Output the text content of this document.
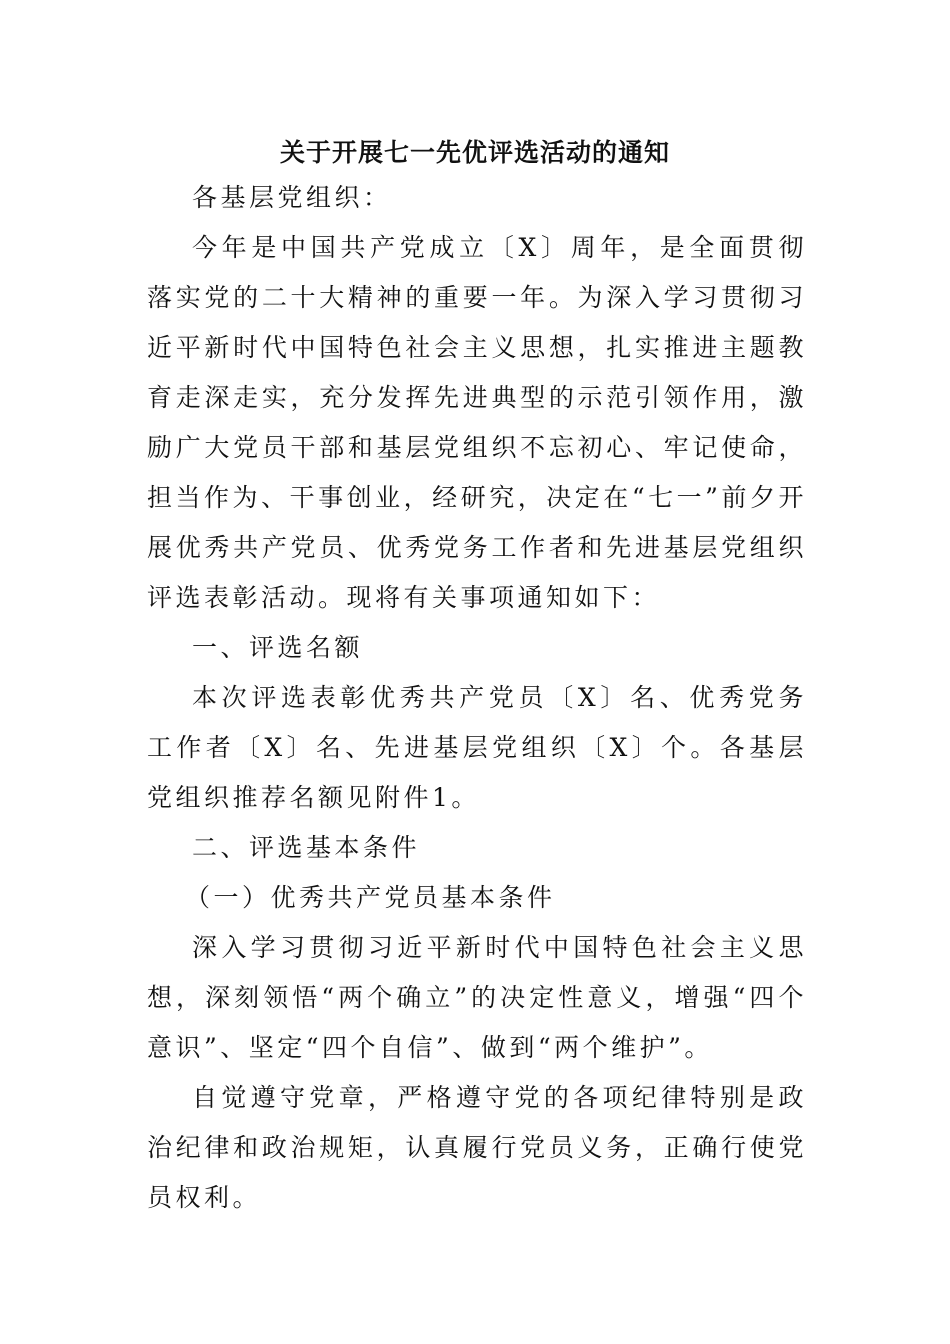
关于开展七一先优评选活动的通知

各基层党组织：

今年是中国共产党成立〔X〕周年，是全面贯彻落实党的二十大精神的重要一年。为深入学习贯彻习近平新时代中国特色社会主义思想，扎实推进主题教育走深走实，充分发挥先进典型的示范引领作用，激励广大党员干部和基层党组织不忘初心、牢记使命，担当作为、干事创业，经研究，决定在“七一”前夕开展优秀共产党员、优秀党务工作者和先进基层党组织评选表彰活动。现将有关事项通知如下：

一、评选名额

本次评选表彰优秀共产党员〔X〕名、优秀党务工作者〔X〕名、先进基层党组织〔X〕个。各基层党组织推荐名额见附件1。

二、评选基本条件

（一）优秀共产党员基本条件

深入学习贯彻习近平新时代中国特色社会主义思想，深刻领悟“两个确立”的决定性意义，增强“四个意识”、坚定“四个自信”、做到“两个维护”。

自觉遵守党章，严格遵守党的各项纪律特别是政治纪律和政治规矩，认真履行党员义务，正确行使党员权利。
